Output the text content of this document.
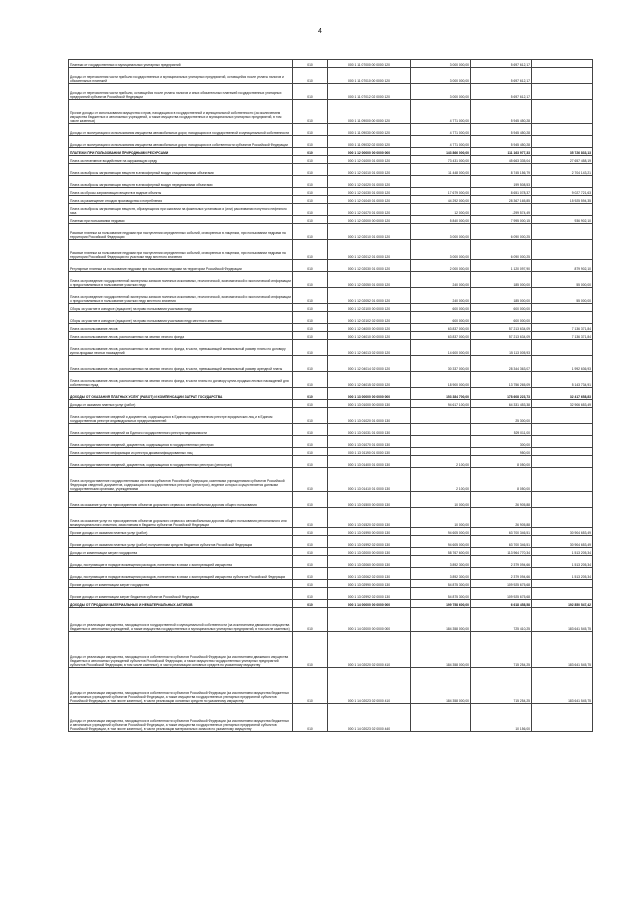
4
Платежи от государственных и муниципальных унитарных предприятий	010	000 1 11 07000 00 0000 120	3 000 000,00	5 697 612,17	
Доходы от перечисления части прибыли государственных и муниципальных унитарных предприятий, остающейся после уплаты налогов и обязательных платежей	010	000 1 11 07010 00 0000 120	3 000 000,00	5 697 612,17	
Доходы от перечисления части прибыли, остающейся после уплаты налогов и иных обязательных платежей государственных унитарных предприятий субъектов Российской Федерации	010	000 1 11 07012 02 0000 120	3 000 000,00	5 697 612,17	
Прочие доходы от использования имущества и прав, находящихся в государственной и муниципальной собственности (за исключением имущества бюджетных и автономных учреждений, а также имущества государственных и муниципальных унитарных предприятий, в том числе казенных)	010	000 1 11 09000 00 0000 120	4 771 000,00	5 945 450,28	
Доходы от эксплуатации и использования имущества автомобильных дорог, находящихся в государственной и муниципальной собственности	010	000 1 11 09030 00 0000 120	4 771 000,00	5 945 450,28	
Доходы от эксплуатации и использования имущества автомобильных дорог, находящихся в собственности субъектов Российской Федерации	010	000 1 11 09032 02 0000 120	4 771 000,00	5 945 450,28	
ПЛАТЕЖИ ПРИ ПОЛЬЗОВАНИИ ПРИРОДНЫМИ РЕСУРСАМИ	010	000 1 12 00000 00 0000 000	143 866 000,00	111 163 977,33	35 726 833,13
Плата за негативное воздействие на окружающую среду	010	000 1 12 01000 01 0000 120	73 431 000,00	45 663 335,04	27 657 458,19
Плата за выбросы загрязняющих веществ в атмосферный воздух стационарными объектами	010	000 1 12 01010 01 0000 120	11 448 000,00	8 745 156,79	2 704 143,21
Плата за выбросы загрязняющих веществ в атмосферный воздух передвижными объектами	010	000 1 12 01020 01 0000 120		199 508,53	
Плата за сбросы загрязняющих веществ в водные объекты	010	000 1 12 01030 01 0000 120	17 679 000,00	8 651 078,37	9 027 721,63
Плата за размещение отходов производства и потребления	010	000 1 12 01040 01 0000 120	44 292 000,00	28 367 165,85	15 925 594,35
Плата за выбросы загрязняющих веществ, образующихся при сжигании на факельных установках и (или) рассеивании попутного нефтяного газа	010	000 1 12 01070 01 0000 120	12 000,00	-299 574,49	
Платежи при пользовании недрами	010	000 1 12 02000 00 0000 120	5 840 000,00	7 995 000,15	936 902,10
Разовые платежи за пользование недрами при наступлении определенных событий, оговоренных в лицензии, при пользовании недрами на территории Российской Федерации	010	000 1 12 02010 01 0000 120	3 000 000,00	6 090 000,25	
Разовые платежи за пользование недрами при наступлении определенных событий, оговоренных в лицензии, при пользовании недрами на территории Российской Федерации по участкам недр местного значения	010	000 1 12 02012 01 0000 120	3 000 000,00	6 090 000,25	
Регулярные платежи за пользование недрами при пользовании недрами на территории Российской Федерации	010	000 1 12 02030 01 0000 120	2 000 000,00	1 120 097,90	879 902,10
Плата за проведение государственной экспертизы запасов полезных ископаемых, геологической, экономической и экологической информации о предоставляемых в пользование участках недр	010	000 1 12 02050 01 0000 120	240 000,00	185 000,00	55 000,00
Плата за проведение государственной экспертизы запасов полезных ископаемых, геологической, экономической и экологической информации о предоставляемых в пользование участках недр местного значения	010	000 1 12 02052 01 0000 120	240 000,00	185 000,00	55 000,00
Сборы за участие в конкурсе (аукционе) на право пользования участками недр	010	000 1 12 02100 00 0000 120	600 000,00	600 000,00	
Сборы за участие в конкурсе (аукционе) на право пользования участками недр местного значения	010	000 1 12 02102 02 0000 120	600 000,00	600 000,00	
Плата за использование лесов	010	000 1 12 04000 00 0000 120	63 837 000,00	57 213 634,09	7 136 371,84
Плата за использование лесов, расположенных на землях лесного фонда	010	000 1 12 04010 00 0000 120	63 837 000,00	57 213 634,09	7 136 371,84
Плата за использование лесов, расположенных на землях лесного фонда, в части, превышающей минимальный размер платы по договору купли-продажи лесных насаждений	010	000 1 12 04013 02 0000 120	14 600 000,00	15 113 005,93	
Плата за использование лесов, расположенных на землях лесного фонда, в части, превышающей минимальный размер арендной платы	010	000 1 12 04014 02 0000 120	30 337 000,00	28 344 363,07	1 992 636,93
Плата за использование лесов, расположенных на землях лесного фонда, в части платы по договору купли-продажи лесных насаждений для собственных нужд	010	000 1 12 04015 02 0000 120	18 900 000,00	13 756 265,09	5 143 734,91
ДОХОДЫ ОТ ОКАЗАНИЯ ПЛАТНЫХ УСЛУГ (РАБОТ) И КОМПЕНСАЦИИ ЗАТРАТ ГОСУДАРСТВА	010	000 1 13 00000 00 0000 000	153 384 700,00	178 608 223,73	32 417 658,83
Доходы от оказания платных услуг (работ)	010	000 1 13 01000 00 0000 130	94 617 100,00	64 331 453,38	32 906 653,49
Плата за предоставление сведений и документов, содержащихся в Едином государственном реестре юридических лиц и в Едином государственном реестре индивидуальных предпринимателей	010	000 1 13 01020 01 0000 130		25 300,00	
Плата за предоставление сведений из Единого государственного реестра недвижимости	010	000 1 13 01031 01 0000 130		529 011,00	
Плата за предоставление сведений, документов, содержащихся в государственных реестрах	010	000 1 13 01070 01 0000 130		300,00	
Плата за предоставление информации из реестра дисквалифицированных лиц	010	000 1 13 01190 01 0000 130		950,00	
Плата за предоставление сведений, документов, содержащихся в государственных реестрах (регистрах)	010	000 1 13 01400 01 0000 130	2 100,00	8 050,00	
Плата за предоставление государственными органами субъектов Российской Федерации, казенными учреждениями субъектов Российской Федерации сведений, документов, содержащихся в государственных реестрах (регистрах), ведение которых осуществляется данными государственными органами, учреждениями	010	000 1 13 01410 01 0000 130	2 100,00	8 050,00	
Плата за оказание услуг по присоединению объектов дорожного сервиса к автомобильным дорогам общего пользования	010	000 1 13 01500 00 0000 130	10 000,00	26 905,88	
Плата за оказание услуг по присоединению объектов дорожного сервиса к автомобильным дорогам общего пользования регионального или межмуниципального значения, зачисляемая в бюджеты субъектов Российской Федерации	010	000 1 13 01520 02 0000 130	10 000,00	26 905,88	
Прочие доходы от оказания платных услуг (работ)	010	000 1 13 01990 00 0000 130	94 605 000,00	63 700 346,51	30 904 653,49
Прочие доходы от оказания платных услуг (работ) получателями средств бюджетов субъектов Российской Федерации	010	000 1 13 01992 02 0000 130	94 605 000,00	63 700 346,51	30 904 653,49
Доходы от компенсации затрат государства	010	000 1 13 02000 00 0000 130	58 767 600,00	113 964 770,34	1 513 205,34
Доходы, поступающие в порядке возмещения расходов, понесенных в связи с эксплуатацией имущества	010	000 1 13 02060 00 0000 130	3 892 300,00	2 379 094,66	1 513 205,34
Доходы, поступающие в порядке возмещения расходов, понесенных в связи с эксплуатацией имущества субъектов Российской Федерации	010	000 1 13 02062 02 0000 130	3 892 300,00	2 379 094,66	1 513 205,34
Прочие доходы от компенсации затрат государства	010	000 1 13 02990 00 0000 130	54 875 300,00	109 925 675,68	
Прочие доходы от компенсации затрат бюджетов субъектов Российской Федерации	010	000 1 13 02992 02 0000 130	54 875 300,00	109 925 675,68	
ДОХОДЫ ОТ ПРОДАЖИ МАТЕРИАЛЬНЫХ И НЕМАТЕРИАЛЬНЫХ АКТИВОВ	010	000 1 14 00000 00 0000 000	199 758 600,00	6 618 458,58	192 850 547,42
Доходы от реализации имущества, находящегося в государственной и муниципальной собственности (за исключением движимого имущества бюджетных и автономных учреждений, а также имущества государственных и муниципальных унитарных предприятий, в том числе казенных)	010	000 1 14 02000 00 0000 000	184 358 000,00	725 410,25	183 641 545,75
Доходы от реализации имущества, находящегося в собственности субъектов Российской Федерации (за исключением движимого имущества бюджетных и автономных учреждений субъектов Российской Федерации, а также имущества государственных унитарных предприятий субъектов Российской Федерации, в том числе казенных), в части реализации основных средств по указанному имуществу	010	000 1 14 02020 02 0000 410	184 358 000,00	715 254,25	183 641 545,75
Доходы от реализации имущества, находящегося в собственности субъектов Российской Федерации (за исключением имущества бюджетных и автономных учреждений субъектов Российской Федерации, а также имущества государственных унитарных предприятий субъектов Российской Федерации, в том числе казенных), в части реализации основных средств по указанному имуществу	010	000 1 14 02023 02 0000 410	184 358 000,00	715 254,25	183 641 545,75
Доходы от реализации имущества, находящегося в собственности субъектов Российской Федерации (за исключением имущества бюджетных и автономных учреждений субъектов Российской Федерации, а также имущества государственных унитарных предприятий субъектов Российской Федерации, в том числе казенных), в части реализации материальных запасов по указанному имуществу	010	000 1 14 02023 02 0000 440		10 156,00	
